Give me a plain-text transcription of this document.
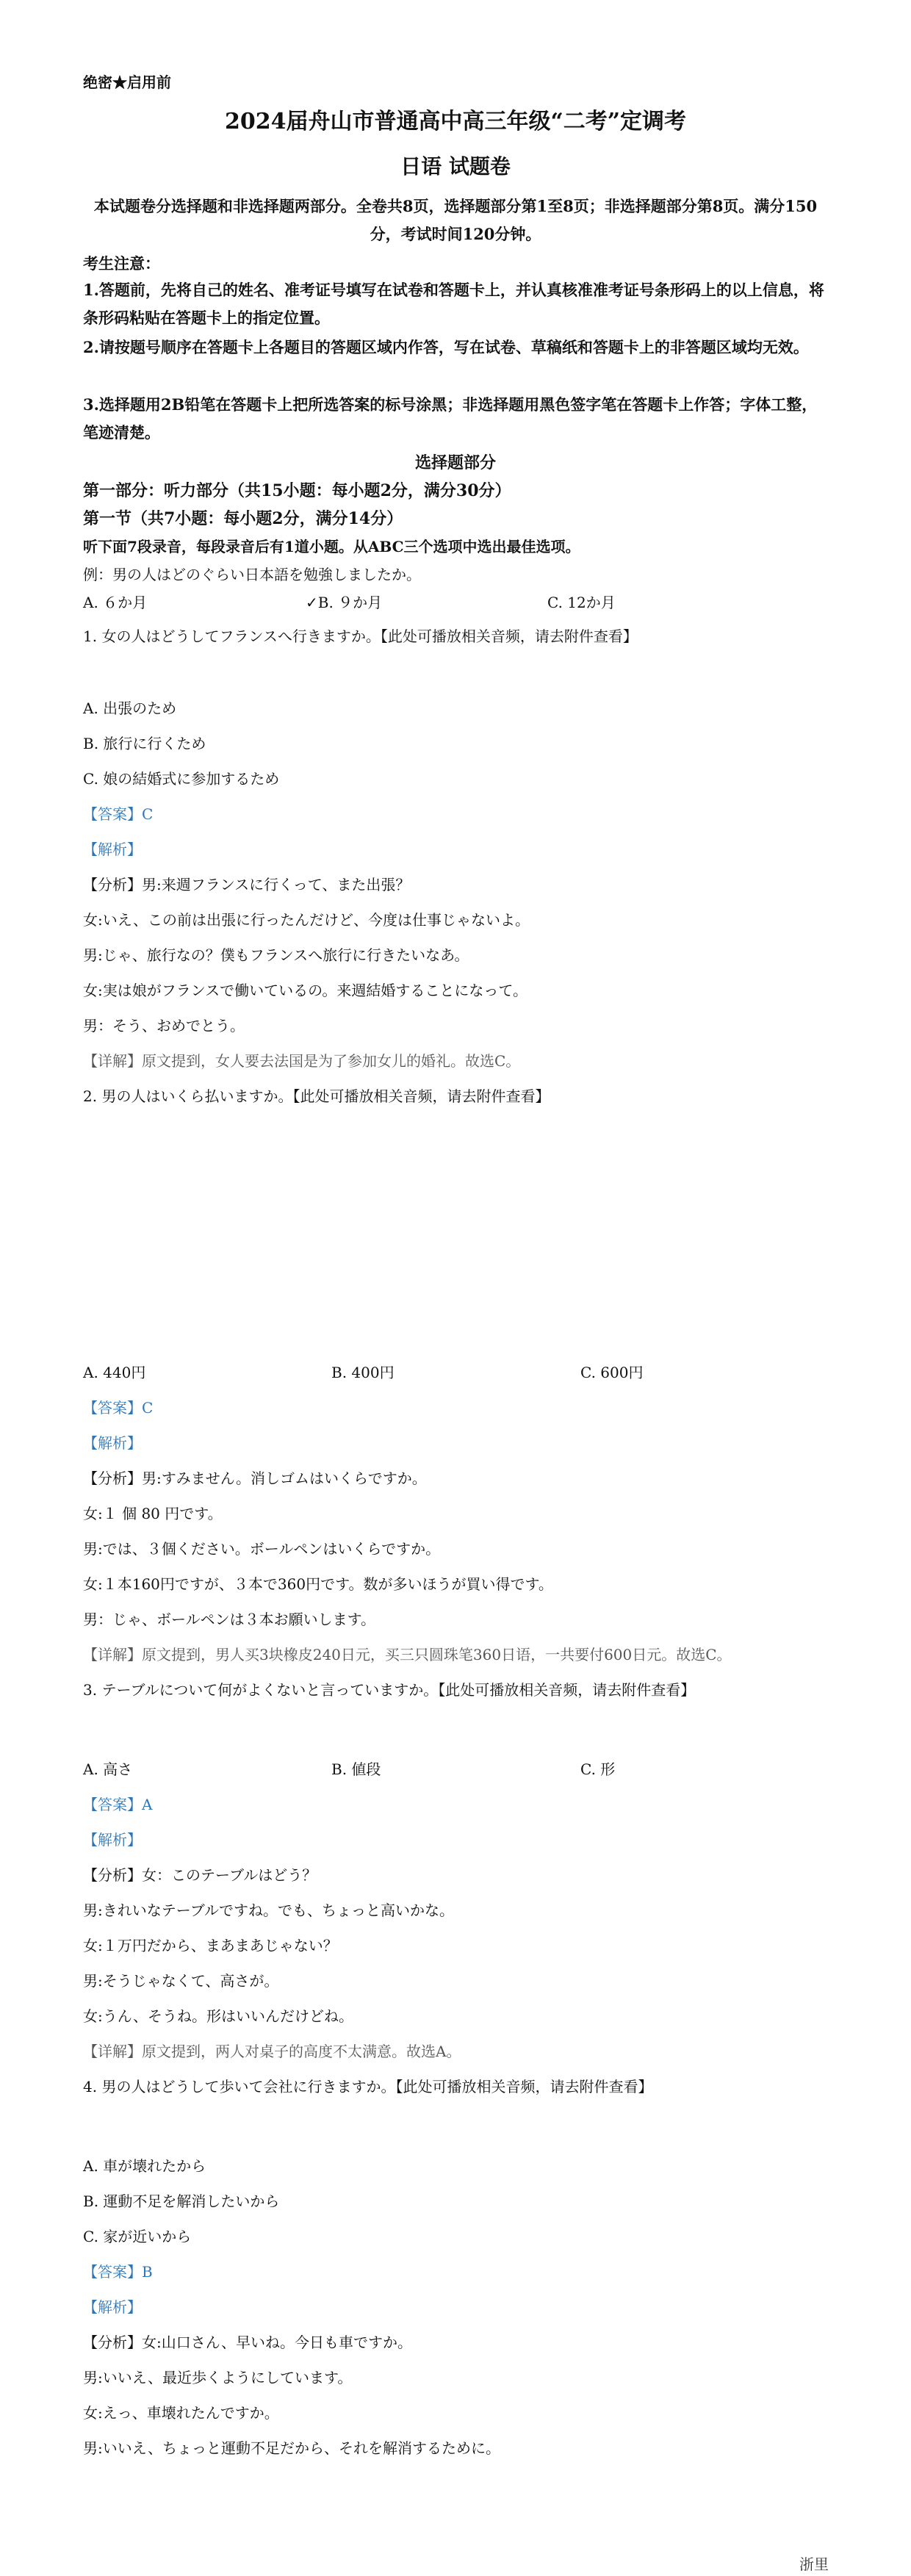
绝密★启用前
2024届舟山市普通高中高三年级“二考”定调考
日语 试题卷
本试题卷分选择题和非选择题两部分。全卷共8页，选择题部分第1至8页；非选择题部分第8页。满分150分，考试时间120分钟。
考生注意：
1.答题前，先将自己的姓名、准考证号填写在试卷和答题卡上，并认真核准准考证号条形码上的以上信息，将条形码粘贴在答题卡上的指定位置。
2.请按题号顺序在答题卡上各题目的答题区域内作答，写在试卷、草稿纸和答题卡上的非答题区域均无效。
3.选择题用2B铅笔在答题卡上把所选答案的标号涂黑；非选择题用黑色签字笔在答题卡上作答；字体工整，笔迹清楚。
选择题部分
第一部分：听力部分（共15小题：每小题2分，满分30分）
第一节（共7小题：每小题2分，满分14分）
听下面7段录音，每段录音后有1道小题。从ABC三个选项中选出最佳选项。
例：男の人はどのぐらい日本語を勉強しましたか。
A. ６か月	✓B. ９か月	C. 12か月
1. 女の人はどうしてフランスへ行きますか。【此处可播放相关音频，请去附件查看】
A. 出張のため
B. 旅行に行くため
C. 娘の結婚式に参加するため
【答案】C
【解析】
【分析】男:来週フランスに行くって、また出張？
女:いえ、この前は出張に行ったんだけど、今度は仕事じゃないよ。
男:じゃ、旅行なの？僕もフランスへ旅行に行きたいなあ。
女:実は娘がフランスで働いているの。来週結婚することになって。
男：そう、おめでとう。
【详解】原文提到，女人要去法国是为了参加女儿的婚礼。故选C。
2. 男の人はいくら払いますか。【此处可播放相关音频，请去附件查看】
A. 440円	B. 400円	C. 600円
【答案】C
【解析】
【分析】男:すみません。消しゴムはいくらですか。
女:１ 個 80 円です。
男:では、３個ください。ボールペンはいくらですか。
女:１本160円ですが、３本で360円です。数が多いほうが買い得です。
男：じゃ、ボールペンは３本お願いします。
【详解】原文提到，男人买3块橡皮240日元，买三只圆珠笔360日语，一共要付600日元。故选C。
3. テーブルについて何がよくないと言っていますか。【此处可播放相关音频，请去附件查看】
A. 高さ	B. 値段	C. 形
【答案】A
【解析】
【分析】女：このテーブルはどう？
男:きれいなテーブルですね。でも、ちょっと高いかな。
女:１万円だから、まあまあじゃない？
男:そうじゃなくて、高さが。
女:うん、そうね。形はいいんだけどね。
【详解】原文提到，两人对桌子的高度不太满意。故选A。
4. 男の人はどうして歩いて会社に行きますか。【此处可播放相关音频，请去附件查看】
A. 車が壊れたから
B. 運動不足を解消したいから
C. 家が近いから
【答案】B
【解析】
【分析】女:山口さん、早いね。今日も車ですか。
男:いいえ、最近歩くようにしています。
女:えっ、車壊れたんですか。
男:いいえ、ちょっと運動不足だから、それを解消するために。
浙里
